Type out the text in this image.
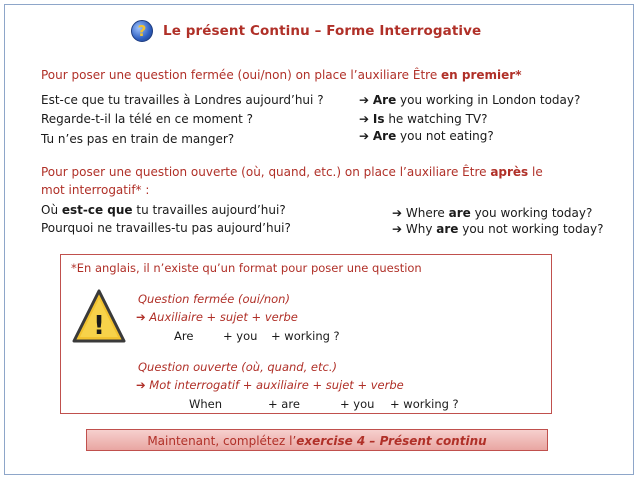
?	Le présent Continu – Forme Interrogative
Pour poser une question fermée (oui/non) on place l’auxiliare Être en premier*
Est-ce que tu travailles à Londres aujourd’hui ?
Regarde-t-il la télé en ce moment ?
Tu n’es pas en train de manger?
➔ Are you working in London today?
➔ Is he watching TV?
➔ Are you not eating?
Pour poser une question ouverte (où, quand, etc.) on place l’auxiliare Être après le
mot interrogatif* :
Où est-ce que tu travailles aujourd’hui?
Pourquoi ne travailles-tu pas aujourd’hui?
➔ Where are you working today?
➔ Why are you not working today?
*En anglais, il n’existe qu’un format pour poser une question
!
Question fermée (oui/non)
➔ Auxiliaire + sujet + verbe
Are	+ you + working ?
Question ouverte (où, quand, etc.)
➔ Mot interrogatif + auxiliaire + sujet + verbe
When	+ are	+ you + working ?
Maintenant, complétez l’exercise 4 – Présent continu
